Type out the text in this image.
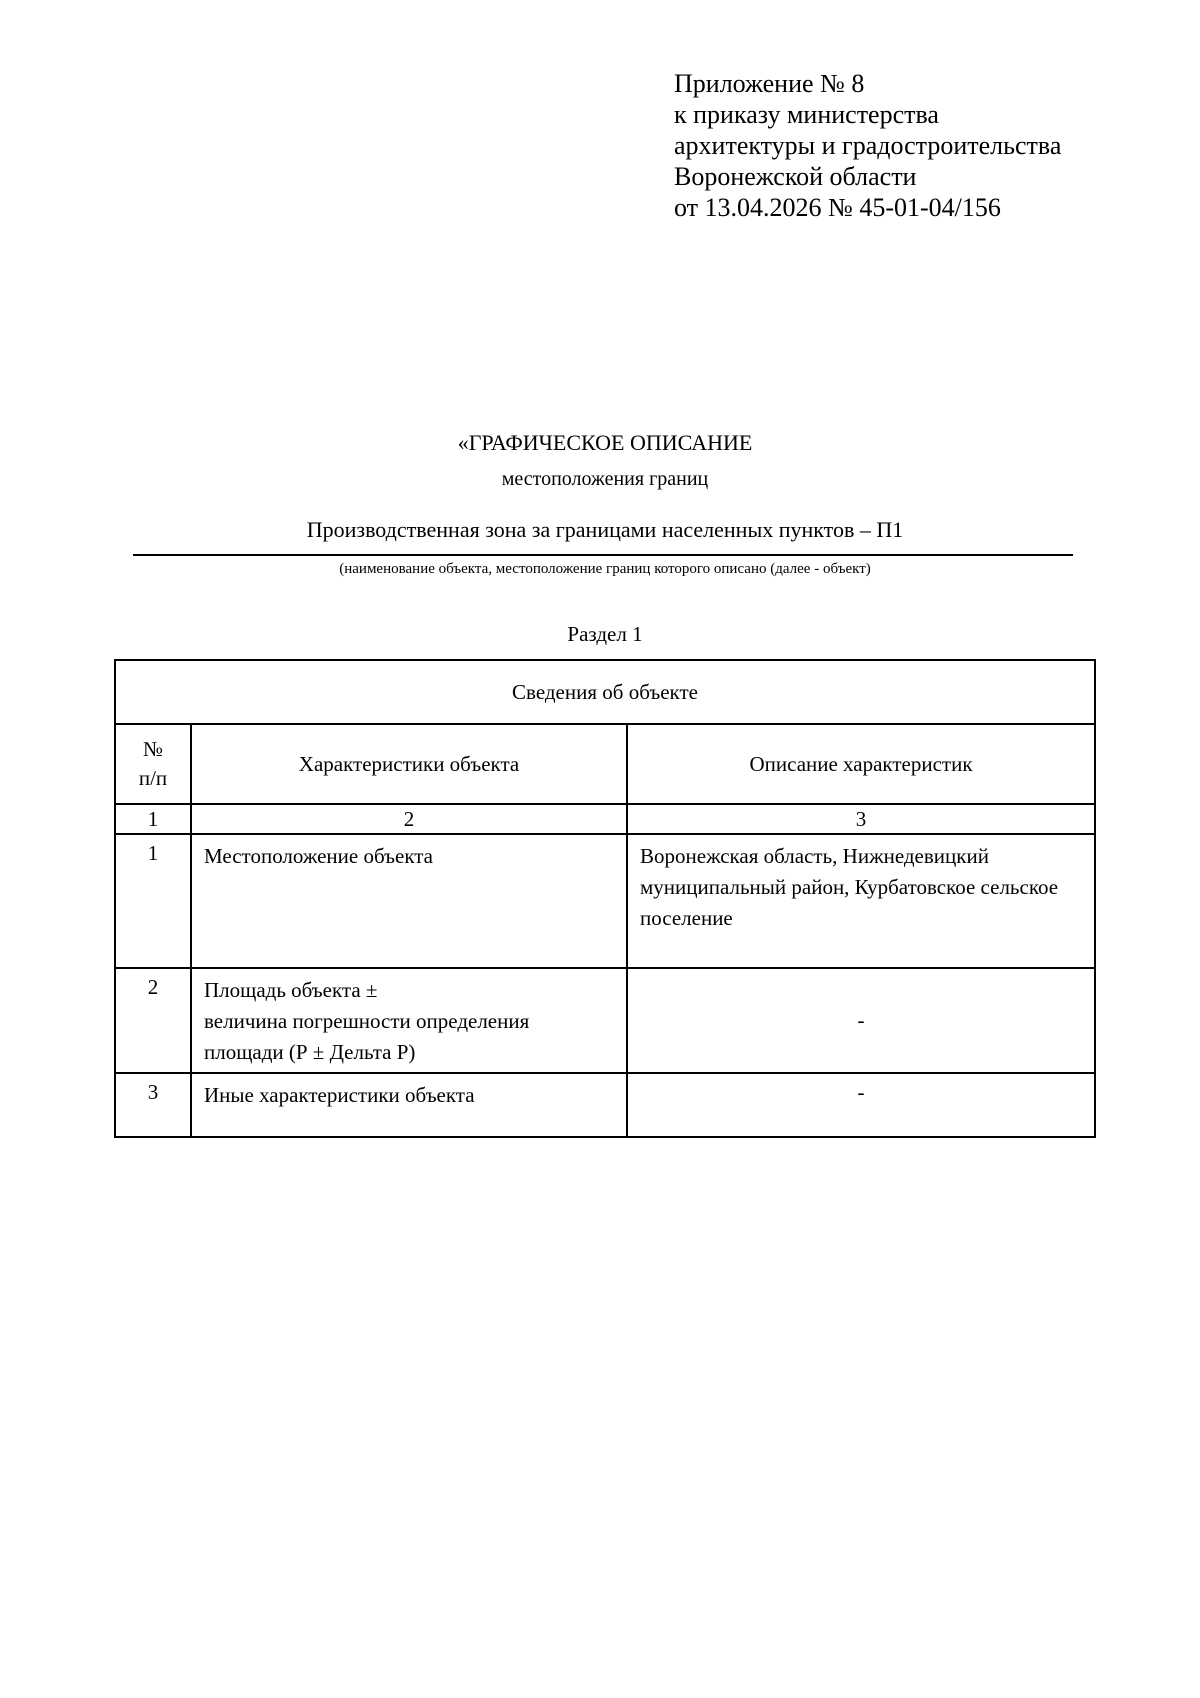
Приложение № 8
к приказу министерства
архитектуры и градостроительства
Воронежской области
от 13.04.2026 № 45-01-04/156
«ГРАФИЧЕСКОЕ ОПИСАНИЕ
местоположения границ
Производственная зона за границами населенных пунктов – П1
(наименование объекта, местоположение границ которого описано (далее - объект)
Раздел 1
Сведения об объекте		

№
п/п	Характеристики объекта	Описание характеристик
1	2	3
1	Местоположение объекта	Воронежская область, Нижнедевицкий муниципальный район, Курбатовское сельское поселение
2	Площадь объекта ±
величина погрешности определения
площади (Р ± Дельта Р)	-
3	Иные характеристики объекта	-
